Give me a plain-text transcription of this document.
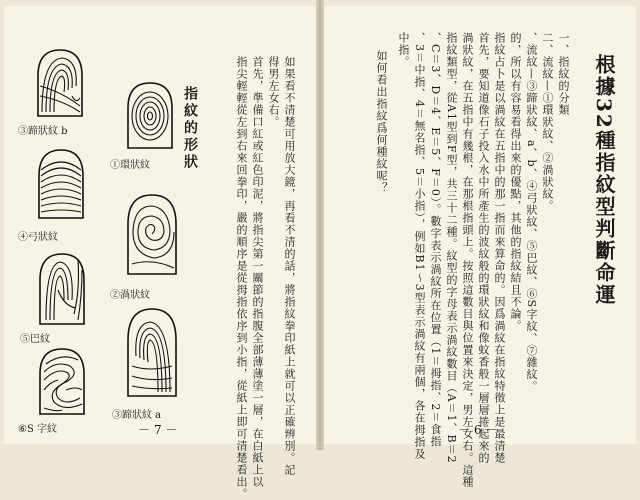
指紋的形狀	如果看不清楚可用放大鏡，再看不清的話，將指紋拳印紙上就可以正確辨別。記
得男左女右。
首先，準備口紅或紅色印泥，將指尖第一關節的指腹全部薄薄塗一層，在白紙上以
指尖輕輕從左到右來回拳印，嚴的順序是從拇指依序到小指，從紙上即可清楚看出。
③蹄狀紋 b
①環狀紋
④弓狀紋
②渦狀紋
⑤巴紋
⑥S 字紋
③蹄狀紋 a
－7－
根據32種指紋型判斷命運
一、指紋的分類
二、流紋—①環狀紋、②渦狀紋。
、流紋—③蹄狀紋、a、b、④弓狀紋、⑤巴紋、⑥S字紋、⑦雜紋。
的，所以有容易看得出來的優點，其他的指紋結且不論。
指紋占卜是以渦紋在五指中的那一指而來算命的。因爲渦紋在指紋特徵上是最清楚
首先，要知道像石子投入水中所產生的波紋般的環狀紋和像蚊香般一層層捲起來的
渦狀紋，在五指中有幾根，在那根指頭上。按照這數目與位置來決定，男左女右。這種
指紋類型，從A1型到F型，共三十二種。紋型的字母表示渦紋數目（A＝1、B＝2
、C＝3、D＝4、E＝5、F＝0）。數字表示渦紋所在位置（1＝拇指、2＝食指
、3＝中指、4＝無名指、5＝小指），例如B1～3型表示渦紋有兩個，各在拇指及
中指。
如何看出指紋爲何種紋呢？
－6－
